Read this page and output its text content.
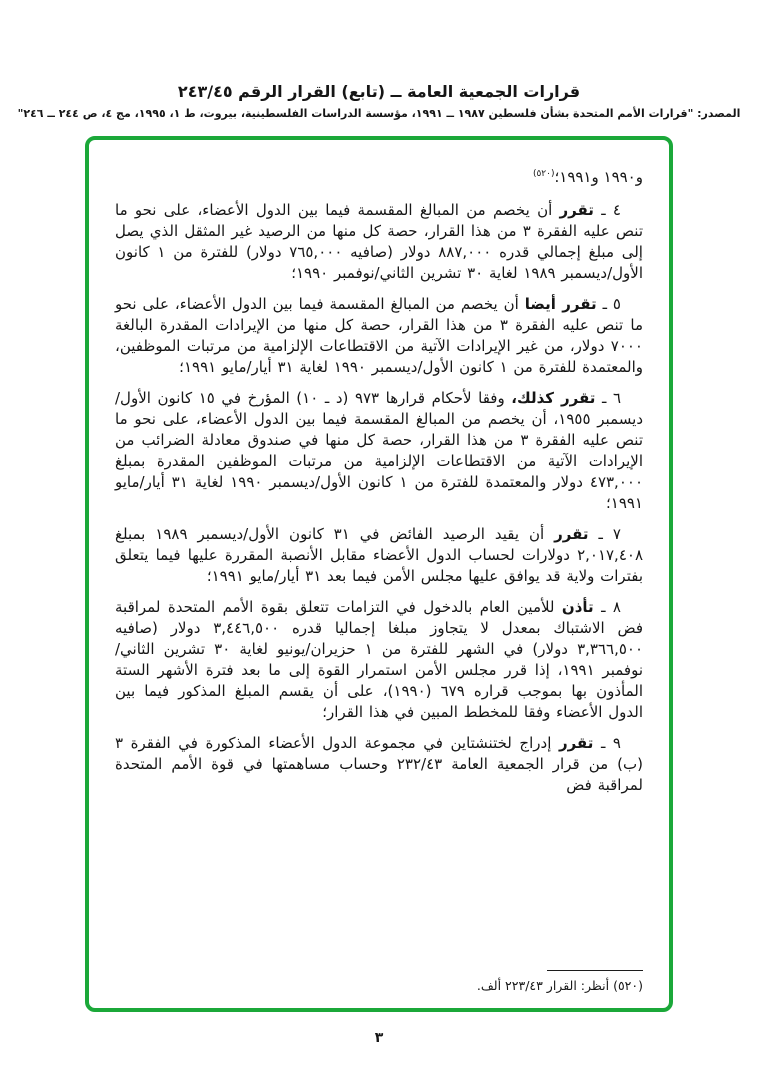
قرارات الجمعية العامة ــ (تابع) القرار الرقم ٢٤٣/٤٥
المصدر: "قرارات الأمم المتحدة بشأن فلسطين ١٩٨٧ ــ ١٩٩١، مؤسسة الدراسات الفلسطينية، بيروت، ط ١، ١٩٩٥، مج ٤، ص ٢٤٤ ــ ٢٤٦"
و١٩٩٠ و١٩٩١؛$^{(٥٢٠)}$

٤ ـ تقرر أن يخصم من المبالغ المقسمة فيما بين الدول الأعضاء، على نحو ما تنص عليه الفقرة ٣ من هذا القرار، حصة كل منها من الرصيد غير المثقل الذي يصل إلى مبلغ إجمالي قدره ٨٨٧,٠٠٠ دولار (صافيه ٧٦٥,٠٠٠ دولار) للفترة من ١ كانون الأول/ديسمبر ١٩٨٩ لغاية ٣٠ تشرين الثاني/نوفمبر ١٩٩٠؛

٥ ـ تقرر أيضا أن يخصم من المبالغ المقسمة فيما بين الدول الأعضاء، على نحو ما تنص عليه الفقرة ٣ من هذا القرار، حصة كل منها من الإيرادات المقدرة البالغة ٧٠٠٠ دولار، من غير الإيرادات الآتية من الاقتطاعات الإلزامية من مرتبات الموظفين، والمعتمدة للفترة من ١ كانون الأول/ديسمبر ١٩٩٠ لغاية ٣١ أيار/مايو ١٩٩١؛

٦ ـ تقرر كذلك، وفقا لأحكام قرارها ٩٧٣ (د ـ ١٠) المؤرخ في ١٥ كانون الأول/ديسمبر ١٩٥٥، أن يخصم من المبالغ المقسمة فيما بين الدول الأعضاء، على نحو ما تنص عليه الفقرة ٣ من هذا القرار، حصة كل منها في صندوق معادلة الضرائب من الإيرادات الآتية من الاقتطاعات الإلزامية من مرتبات الموظفين المقدرة بمبلغ ٤٧٣,٠٠٠ دولار والمعتمدة للفترة من ١ كانون الأول/ديسمبر ١٩٩٠ لغاية ٣١ أيار/مايو ١٩٩١؛

٧ ـ تقرر أن يقيد الرصيد الفائض في ٣١ كانون الأول/ديسمبر ١٩٨٩ بمبلغ ٢,٠١٧,٤٠٨ دولارات لحساب الدول الأعضاء مقابل الأنصبة المقررة عليها فيما يتعلق بفترات ولاية قد يوافق عليها مجلس الأمن فيما بعد ٣١ أيار/مايو ١٩٩١؛

٨ ـ تأذن للأمين العام بالدخول في التزامات تتعلق بقوة الأمم المتحدة لمراقبة فض الاشتباك بمعدل لا يتجاوز مبلغا إجماليا قدره ٣,٤٤٦,٥٠٠ دولار (صافيه ٣,٣٦٦,٥٠٠ دولار) في الشهر للفترة من ١ حزيران/يونيو لغاية ٣٠ تشرين الثاني/نوفمبر ١٩٩١، إذا قرر مجلس الأمن استمرار القوة إلى ما بعد فترة الأشهر الستة المأذون بها بموجب قراره ٦٧٩ (١٩٩٠)، على أن يقسم المبلغ المذكور فيما بين الدول الأعضاء وفقا للمخطط المبين في هذا القرار؛

٩ ـ تقرر إدراج لختنشتاين في مجموعة الدول الأعضاء المذكورة في الفقرة ٣ (ب) من قرار الجمعية العامة ٢٣٢/٤٣ وحساب مساهمتها في قوة الأمم المتحدة لمراقبة فض

(٥٢٠) أنظر: القرار ٢٢٣/٤٣ ألف.
٣
